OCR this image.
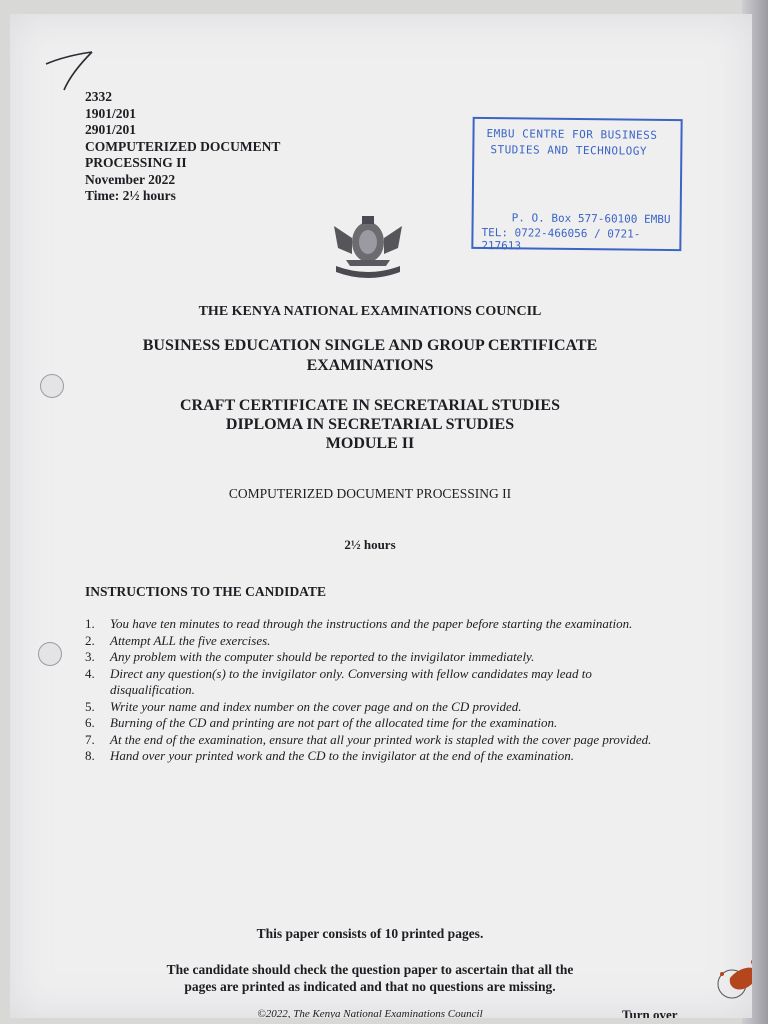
2332
1901/201
2901/201
COMPUTERIZED DOCUMENT
PROCESSING II
November 2022
Time: 2½ hours
EMBU CENTRE FOR BUSINESS
STUDIES AND TECHNOLOGY
P. O. Box 577-60100 EMBU
TEL: 0722-466056 / 0721-217613
THE KENYA NATIONAL EXAMINATIONS COUNCIL
BUSINESS EDUCATION SINGLE AND GROUP CERTIFICATE
EXAMINATIONS
CRAFT CERTIFICATE IN SECRETARIAL STUDIES
DIPLOMA IN SECRETARIAL STUDIES
MODULE II
COMPUTERIZED DOCUMENT PROCESSING II
2½ hours
INSTRUCTIONS TO THE CANDIDATE
1. You have ten minutes to read through the instructions and the paper before starting the examination.
2. Attempt ALL the five exercises.
3. Any problem with the computer should be reported to the invigilator immediately.
4. Direct any question(s) to the invigilator only. Conversing with fellow candidates may lead to disqualification.
5. Write your name and index number on the cover page and on the CD provided.
6. Burning of the CD and printing are not part of the allocated time for the examination.
7. At the end of the examination, ensure that all your printed work is stapled with the cover page provided.
8. Hand over your printed work and the CD to the invigilator at the end of the examination.
This paper consists of 10 printed pages.
The candidate should check the question paper to ascertain that all the
pages are printed as indicated and that no questions are missing.
©2022, The Kenya National Examinations Council	Turn over
